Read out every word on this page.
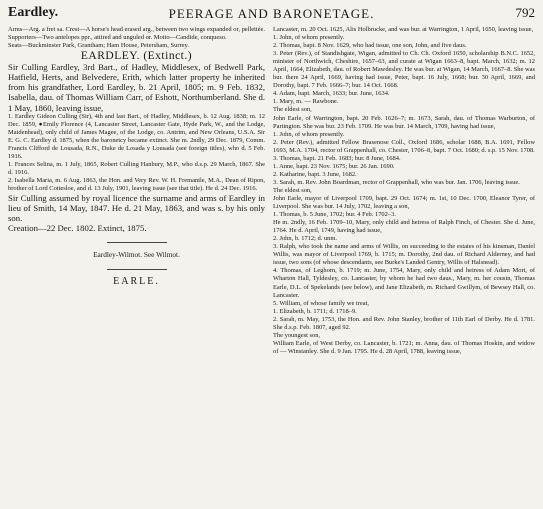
Eardley.	PEERAGE AND BARONETAGE.	792

Arms—Arg. a fret sa. Crest—A horse's head erased arg., between two wings expanded or, pellettée. Supporters—Two antelopes ppr., attired and unguled or. Motto—Candide, conqueso.

Seats—Buckminster Park, Grantham; Ham House, Petersham, Surrey.

EARDLEY. (Extinct.)

Sir Culling Eardley, 3rd Bart., of Hadley, Middlesex, of Bedwell Park, Hatfield, Herts, and Belvedere, Erith, which latter property he inherited from his grandfather, Lord Eardley, b. 21 April, 1805; m. 9 Feb. 1832, Isabella, dau. of Thomas William Carr, of Eshott, Northumberland. She d. 1 May, 1860, leaving issue,

1. Eardley Gideon Culling (Sir), 4th and last Bart., of Hadley, Middlesex, b. 12 Aug. 1838; m. 12 Dec. 1859, ●Emily Florence (4, Lancaster Street, Lancaster Gate, Hyde Park, W., and the Lodge, Maidenhead), only child of James Magee, of the Lodge, co. Antrim, and New Orleans, U.S.A. Sir E. G. C. Eardley d. 1875, when the baronetcy became extinct. She m. 2ndly, 29 Dec. 1879, Comm. Francis Clifford de Lousada, R.N., Duke de Losada y Lousada (see foreign titles), who d. 5 Feb. 1916.

1. Frances Selina, m. 1 July, 1865, Robert Culling Hanbury, M.P., who d.s.p. 29 March, 1867. She d. 1916.

2. Isabella Maria, m. 6 Aug. 1863, the Hon. and Very Rev. W. H. Fremantle, M.A., Dean of Ripon, brother of Lord Cottesloe, and d. 13 July, 1901, leaving issue (see that title). He d. 24 Dec. 1916.

Sir Culling assumed by royal licence the surname and arms of Eardley in lieu of Smith, 14 May, 1847. He d. 21 May, 1863, and was s. by his only son.

Creation—22 Dec. 1802. Extinct, 1875.

Eardley-Wilmot. See Wilmot.

EARLE.

Lancaster, m. 20 Oct. 1625, Alis Holbrucke, and was bur. at Warrington, 1 April, 1650, leaving issue,

1. John, of whom presently.

2. Thomas, bapt. 8 Nov. 1629, who had issue, one son, John, and five daus.

3. Peter (Rev.), of Standishgate, Wigan, admitted to Ch. Ch. Oxford 1650, scholarship B.N.C. 1652, minister of Northwich, Cheshire, 1657–63, and curate at Wigan 1663–8, bapt. March, 1632; m. 12 April, 1664, Elizabeth, dau. of Robert Mawdesley. He was bur. at Wigan, 14 March, 1667–8. She was bur. there 24 April, 1669, having had issue, Peter, bapt. 16 July, 1668; bur. 30 April, 1669, and Dorothy, bapt. 7 Feb. 1666–7; bur. 14 Oct. 1668.

4. Adam, bapt. March, 1633; bur. June, 1634.

1. Mary, m. — Rawbone.

The eldest son,

John Earle, of Warrington, bapt. 20 Feb. 1626–7; m. 1673, Sarah, dau. of Thomas Warburton, of Partington. She was bur. 23 Feb. 1709. He was bur. 14 March, 1709, having had issue,

1. John, of whom presently.

2. Peter (Rev.), admitted Fellow Brasenose Coll., Oxford 1686, scholar 1688, B.A. 1691, Fellow 1693, M.A. 1704, rector of Grappenhall, co. Chester, 1706–8, bapt. 7 Oct. 1680; d. s.p. 15 Nov. 1708.

3. Thomas, bapt. 21 Feb. 1683; bur. 8 June, 1684.

1. Anne, bapt. 23 Nov. 1675; bur. 26 Jan. 1690.

2. Katharine, bapt. 3 June, 1682.

3. Sarah, m. Rev. John Boardman, rector of Grappenhall, who was bur. Jan. 1706, leaving issue.

The eldest son,

John Earle, mayor of Liverpool 1709, bapt. 29 Oct. 1674; m. 1st, 10 Dec. 1700, Eleanor Tyrer, of Liverpool. She was bur. 14 July, 1702, leaving a son,

1. Thomas, b. 5 June, 1702; bur. 4 Feb. 1702–3.

He m. 2ndly, 16 Feb. 1709–10, Mary, only child and heiress of Ralph Finch, of Chester. She d. June, 1764. He d. April, 1749, having had issue,

2. John, b. 1712; d. unm.

3. Ralph, who took the name and arms of Willis, on succeeding to the estates of his kinsman, Daniel Willis, was mayor of Liverpool 1769, b. 1715; m. Dorothy, 2nd dau. of Richard Alderney, and had issue, two sons (of whose descendants, see Burke's Landed Gentry, Willis of Halsnead).

4. Thomas, of Leghorn, b. 1719; m. June, 1754, Mary, only child and heiress of Adam Mort, of Wharton Hall, Tyldesley, co. Lancaster, by whom he had two daus., Mary, m. her cousin, Thomas Earle, D.L. of Spekelands (see below), and Jane Elizabeth, m. Richard Gwillym, of Bewsey Hall, co. Lancaster.

5. William, of whose family we treat,

1. Elizabeth, b. 1711; d. 1718–9.

2. Sarah, m. May, 1753, the Hon. and Rev. John Stanley, brother of 11th Earl of Derby. He d. 1781. She d.s.p. Feb. 1807, aged 92.

The youngest son,

William Earle, of West Derby, co. Lancaster, b. 1721; m. Anna, dau. of Thomas Hoskin, and widow of — Winstanley. She d. 9 Jan. 1795. He d. 28 April, 1788, leaving issue,
